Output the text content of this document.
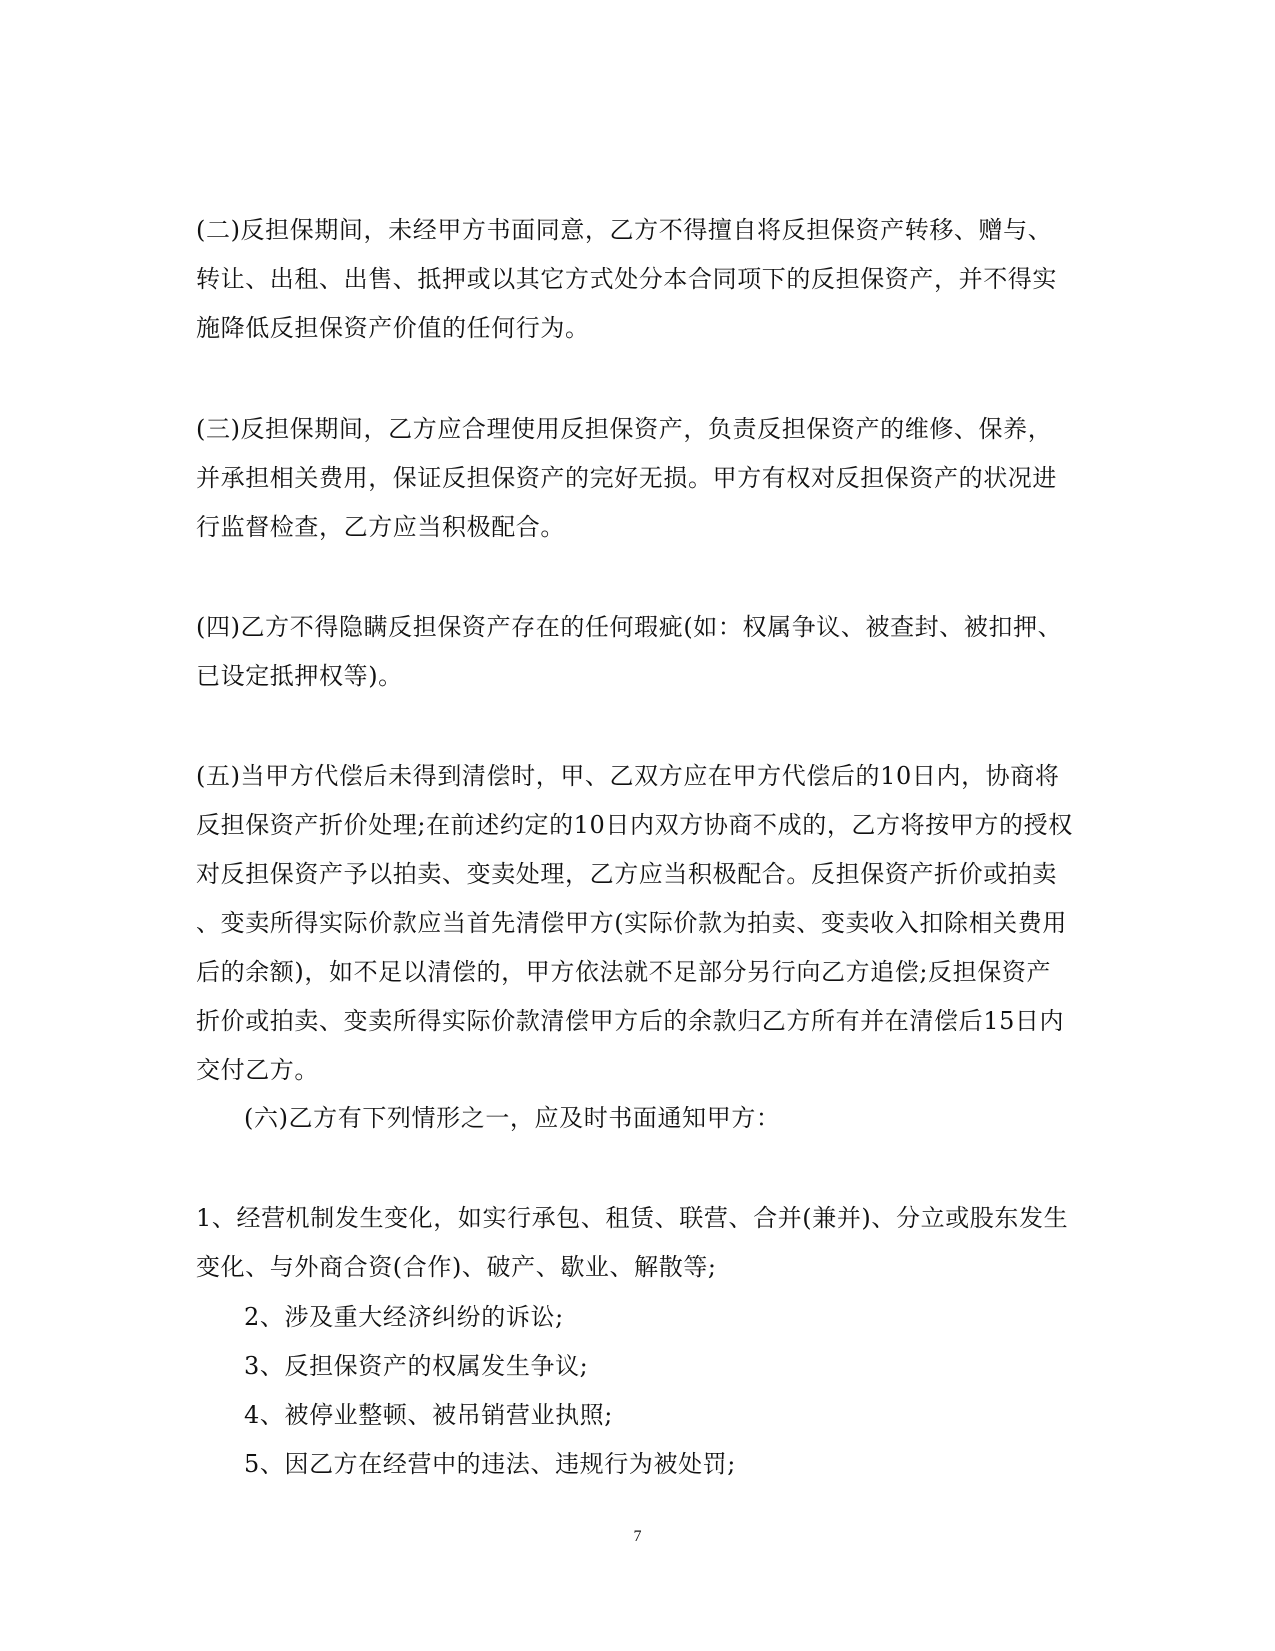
(二)反担保期间，未经甲方书面同意，乙方不得擅自将反担保资产转移、赠与、
转让、出租、出售、抵押或以其它方式处分本合同项下的反担保资产，并不得实
施降低反担保资产价值的任何行为。
(三)反担保期间，乙方应合理使用反担保资产，负责反担保资产的维修、保养，
并承担相关费用，保证反担保资产的完好无损。甲方有权对反担保资产的状况进
行监督检查，乙方应当积极配合。
(四)乙方不得隐瞒反担保资产存在的任何瑕疵(如：权属争议、被查封、被扣押、
已设定抵押权等)。
(五)当甲方代偿后未得到清偿时，甲、乙双方应在甲方代偿后的10日内，协商将
反担保资产折价处理;在前述约定的10日内双方协商不成的，乙方将按甲方的授权
对反担保资产予以拍卖、变卖处理，乙方应当积极配合。反担保资产折价或拍卖
、变卖所得实际价款应当首先清偿甲方(实际价款为拍卖、变卖收入扣除相关费用
后的余额)，如不足以清偿的，甲方依法就不足部分另行向乙方追偿;反担保资产
折价或拍卖、变卖所得实际价款清偿甲方后的余款归乙方所有并在清偿后15日内
交付乙方。
(六)乙方有下列情形之一，应及时书面通知甲方：
1、经营机制发生变化，如实行承包、租赁、联营、合并(兼并)、分立或股东发生
变化、与外商合资(合作)、破产、歇业、解散等;
2、涉及重大经济纠纷的诉讼;
3、反担保资产的权属发生争议;
4、被停业整顿、被吊销营业执照;
5、因乙方在经营中的违法、违规行为被处罚;
7
